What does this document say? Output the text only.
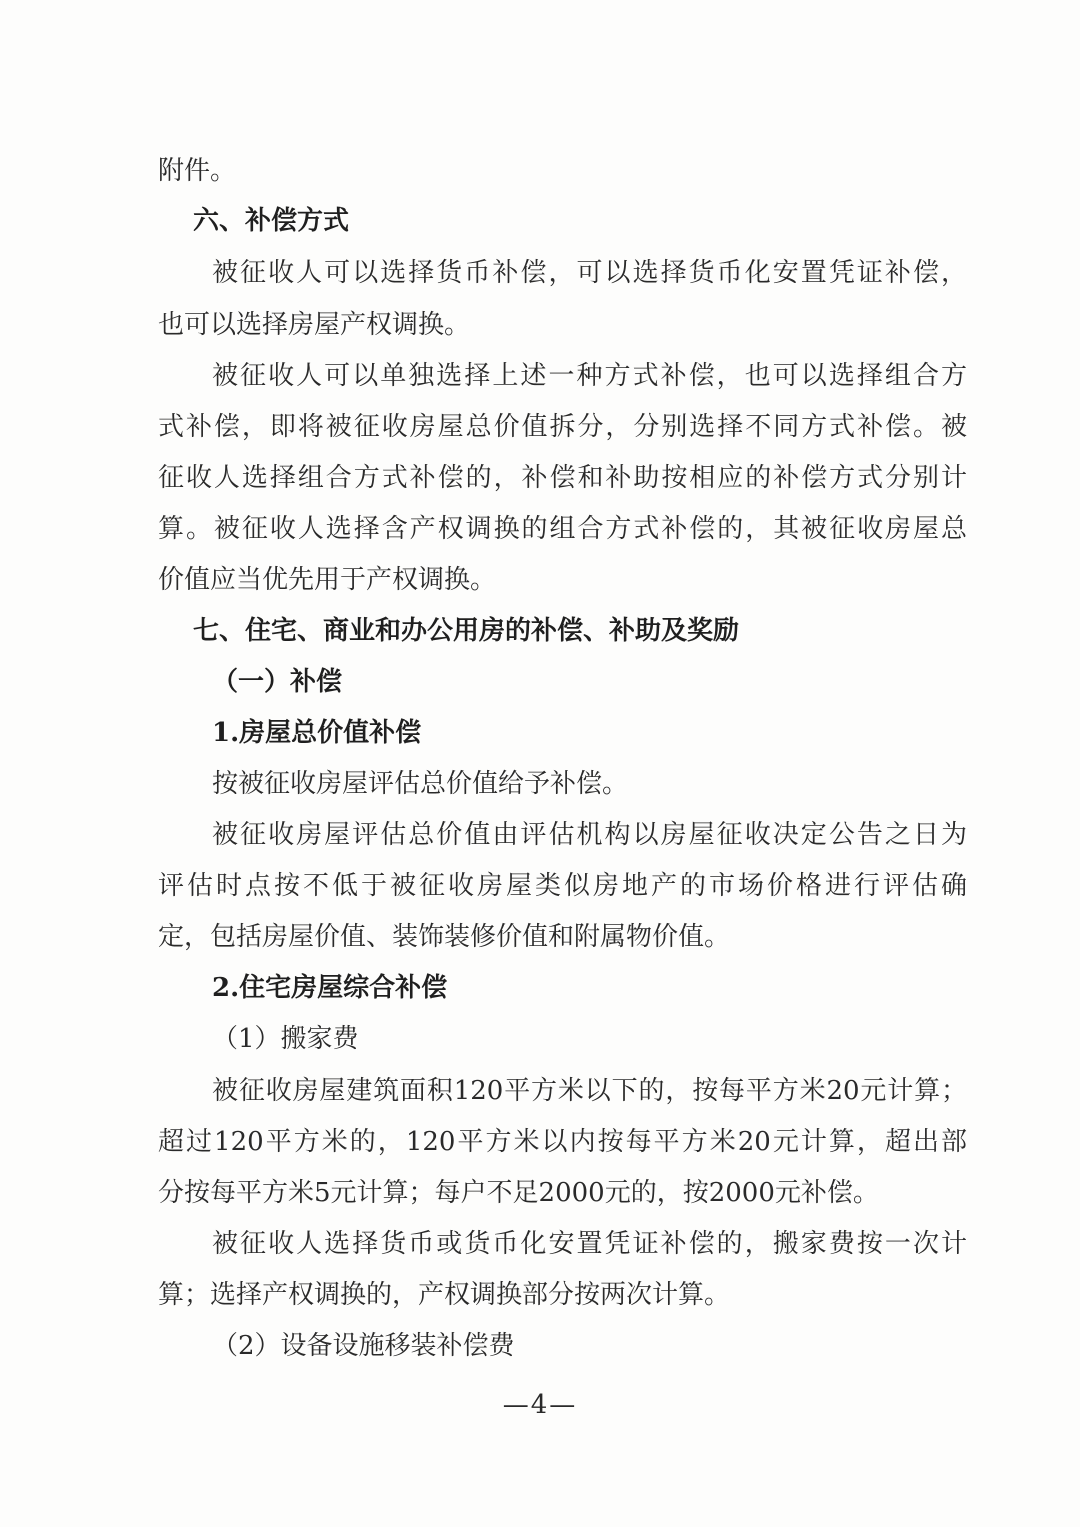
附件。
六、补偿方式
被征收人可以选择货币补偿，可以选择货币化安置凭证补偿，
也可以选择房屋产权调换。
被征收人可以单独选择上述一种方式补偿，也可以选择组合方
式补偿，即将被征收房屋总价值拆分，分别选择不同方式补偿。被
征收人选择组合方式补偿的，补偿和补助按相应的补偿方式分别计
算。被征收人选择含产权调换的组合方式补偿的，其被征收房屋总
价值应当优先用于产权调换。
七、住宅、商业和办公用房的补偿、补助及奖励
（一）补偿
1.房屋总价值补偿
按被征收房屋评估总价值给予补偿。
被征收房屋评估总价值由评估机构以房屋征收决定公告之日为
评估时点按不低于被征收房屋类似房地产的市场价格进行评估确
定，包括房屋价值、装饰装修价值和附属物价值。
2.住宅房屋综合补偿
（1）搬家费
被征收房屋建筑面积120平方米以下的，按每平方米20元计算；
超过120平方米的，120平方米以内按每平方米20元计算，超出部
分按每平方米5元计算；每户不足2000元的，按2000元补偿。
被征收人选择货币或货币化安置凭证补偿的，搬家费按一次计
算；选择产权调换的，产权调换部分按两次计算。
（2）设备设施移装补偿费
—4—
